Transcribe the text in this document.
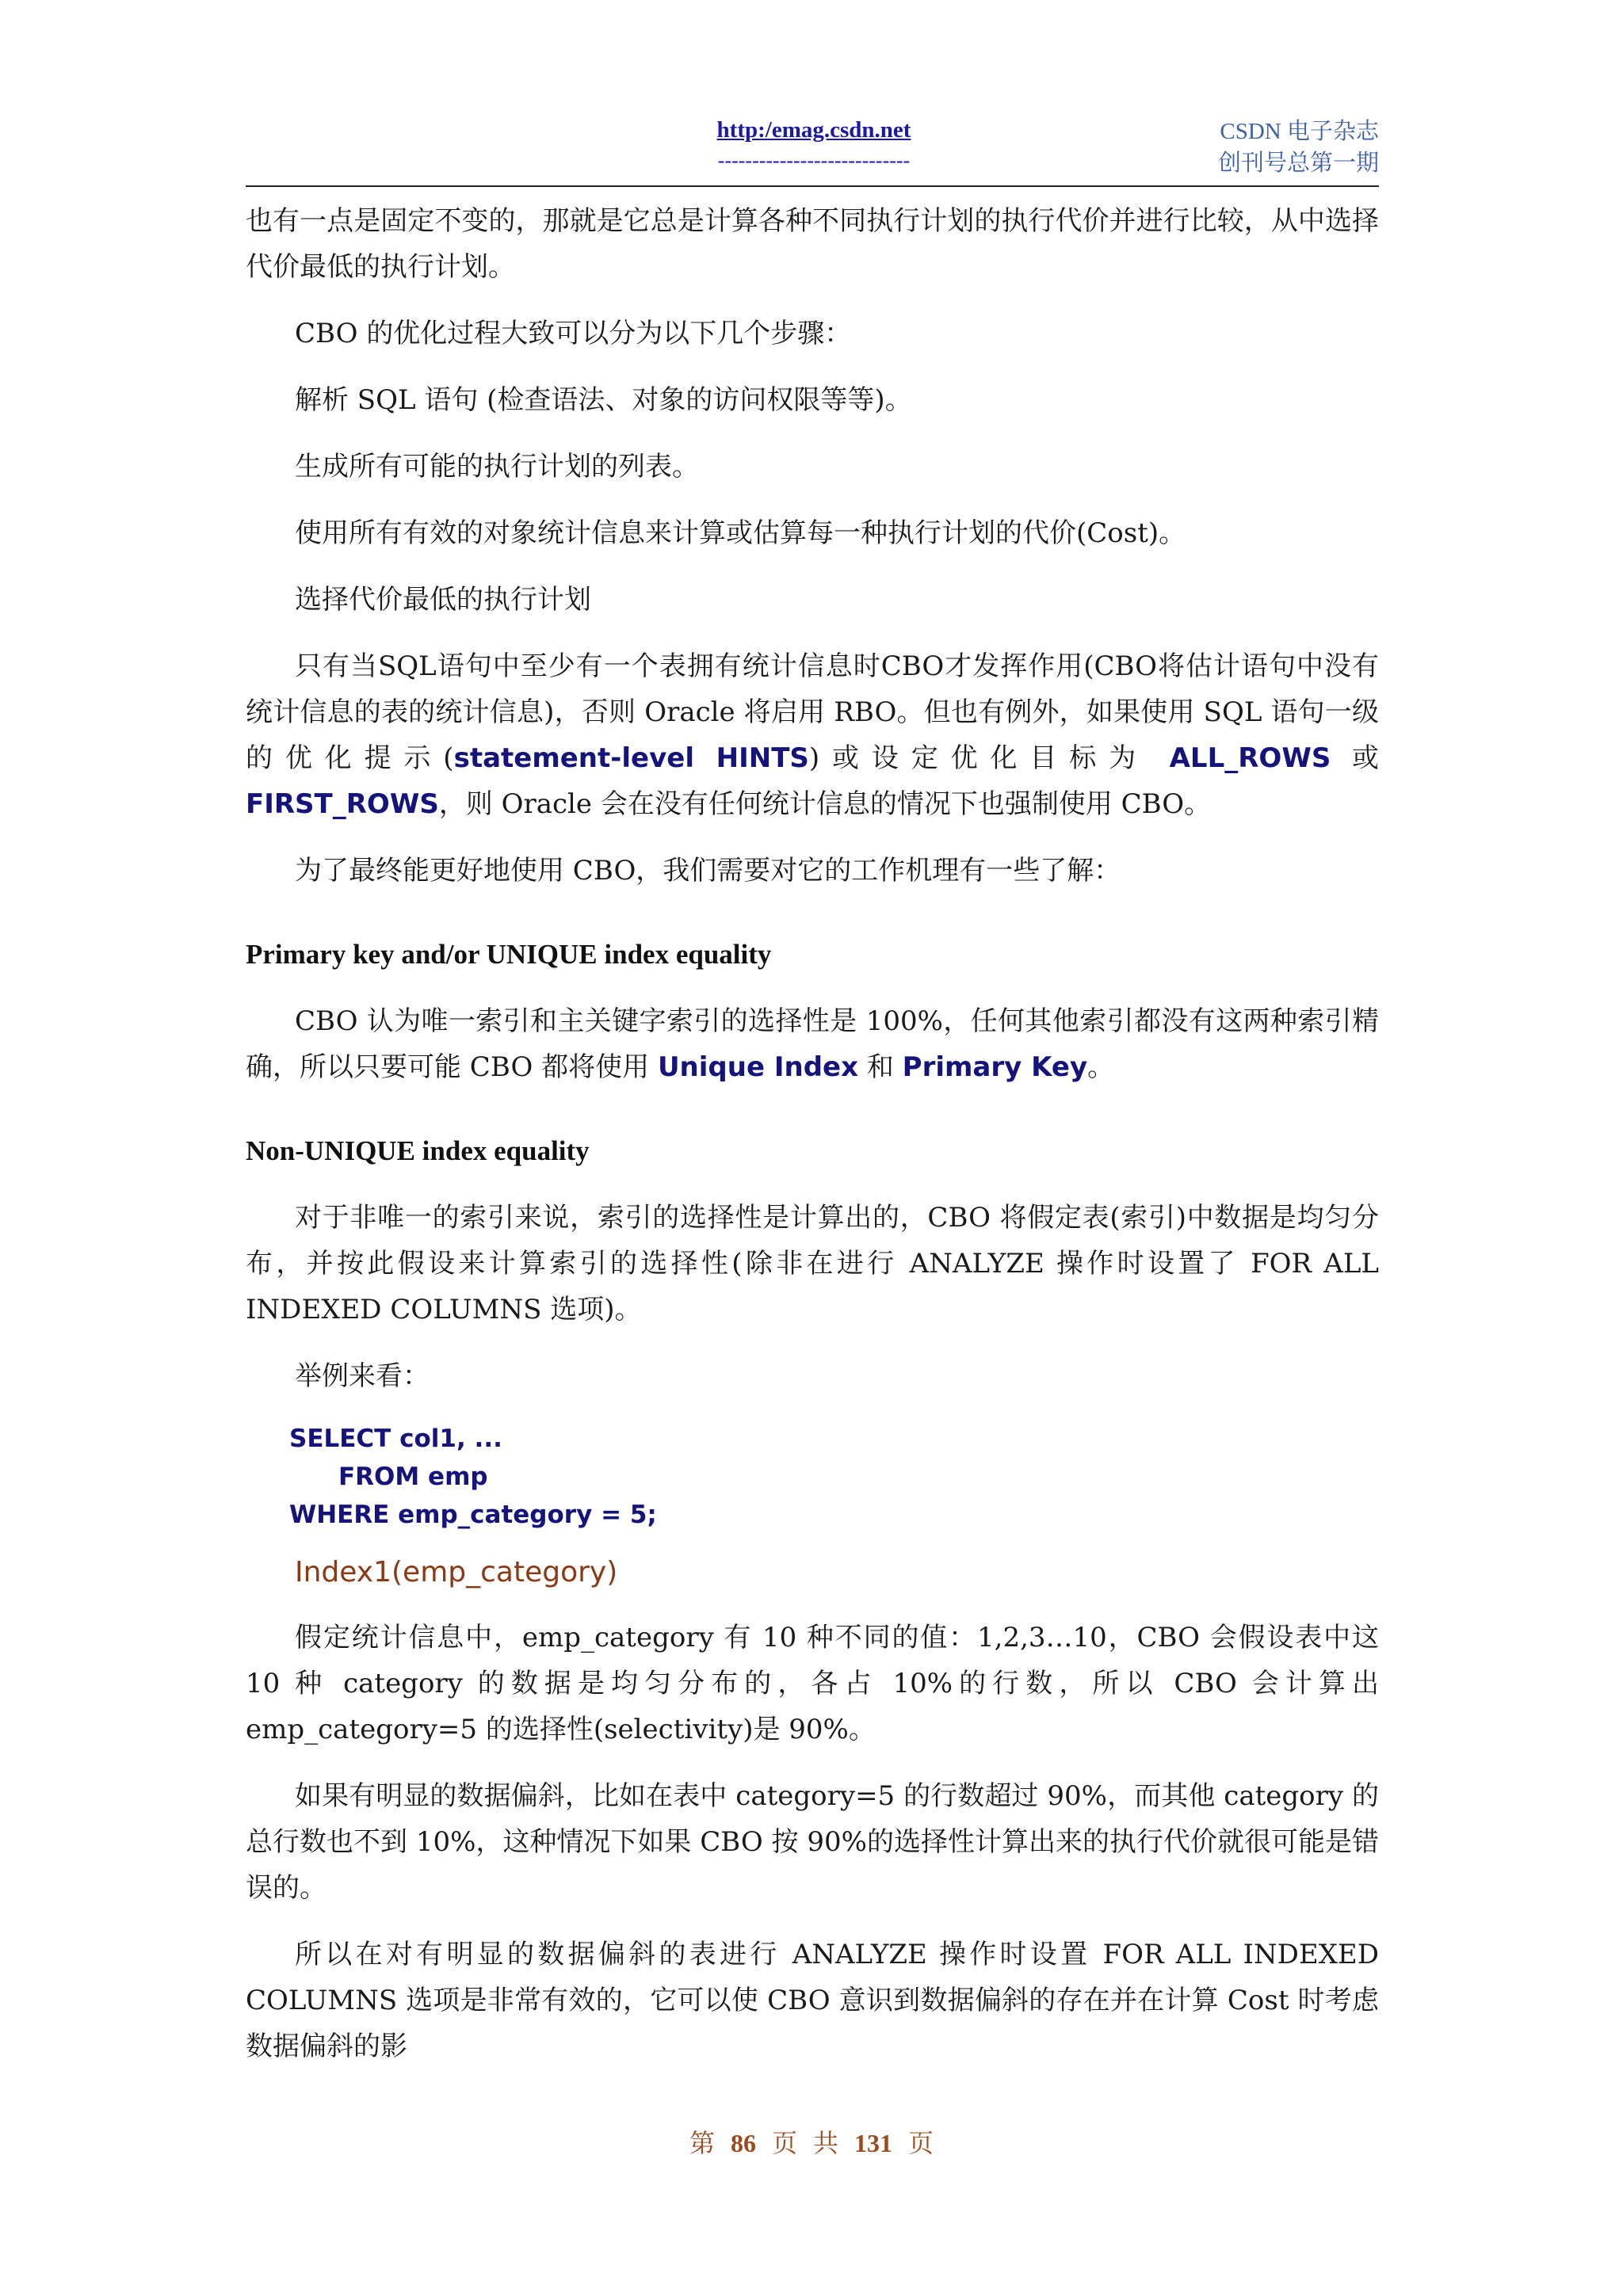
http:/emag.csdn.net
----------------------------
CSDN 电子杂志
创刊号总第一期

也有一点是固定不变的，那就是它总是计算各种不同执行计划的执行代价并进行比较，从中选择代价最低的执行计划。

CBO 的优化过程大致可以分为以下几个步骤：

解析 SQL 语句 (检查语法、对象的访问权限等等)。

生成所有可能的执行计划的列表。

使用所有有效的对象统计信息来计算或估算每一种执行计划的代价(Cost)。

选择代价最低的执行计划

只有当SQL语句中至少有一个表拥有统计信息时CBO才发挥作用(CBO将估计语句中没有统计信息的表的统计信息)，否则 Oracle 将启用 RBO。但也有例外，如果使用 SQL 语句一级的优化提示(statement-level HINTS)或设定优化目标为 ALL_ROWS 或 FIRST_ROWS，则 Oracle 会在没有任何统计信息的情况下也强制使用 CBO。

为了最终能更好地使用 CBO，我们需要对它的工作机理有一些了解：

Primary key and/or UNIQUE index equality

CBO 认为唯一索引和主关键字索引的选择性是 100%，任何其他索引都没有这两种索引精确，所以只要可能 CBO 都将使用 Unique Index 和 Primary Key。

Non-UNIQUE index equality

对于非唯一的索引来说，索引的选择性是计算出的，CBO 将假定表(索引)中数据是均匀分布，并按此假设来计算索引的选择性(除非在进行 ANALYZE 操作时设置了 FOR ALL INDEXED COLUMNS 选项)。

举例来看：

SELECT col1, ...
FROM emp
WHERE emp_category = 5;
Index1(emp_category)

假定统计信息中，emp_category 有 10 种不同的值：1,2,3…10，CBO 会假设表中这 10 种 category 的数据是均匀分布的，各占 10%的行数，所以 CBO 会计算出 emp_category=5 的选择性(selectivity)是 90%。

如果有明显的数据偏斜，比如在表中 category=5 的行数超过 90%，而其他 category 的总行数也不到 10%，这种情况下如果 CBO 按 90%的选择性计算出来的执行代价就很可能是错误的。

所以在对有明显的数据偏斜的表进行 ANALYZE 操作时设置 FOR ALL INDEXED COLUMNS 选项是非常有效的，它可以使 CBO 意识到数据偏斜的存在并在计算 Cost 时考虑数据偏斜的影

第 86 页 共 131 页
